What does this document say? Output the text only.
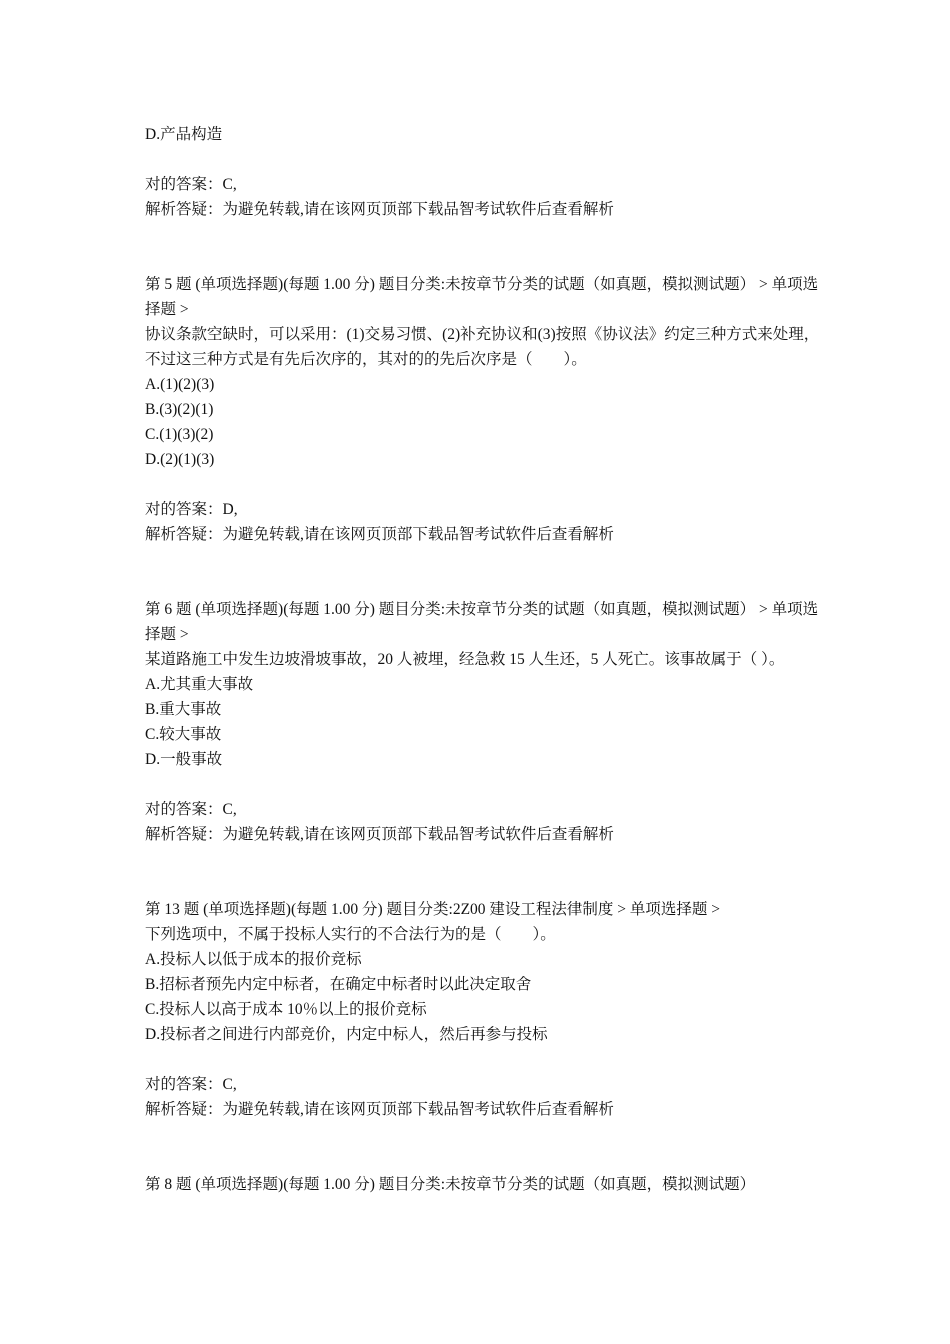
D.产品构造
对的答案：C,
解析答疑：为避免转载,请在该网页顶部下载品智考试软件后查看解析
第 5 题 (单项选择题)(每题 1.00 分) 题目分类:未按章节分类的试题（如真题，模拟测试题） > 单项选择题 >
协议条款空缺时，可以采用：(1)交易习惯、(2)补充协议和(3)按照《协议法》约定三种方式来处理，不过这三种方式是有先后次序的，其对的的先后次序是（　　）。
A.(1)(2)(3)
B.(3)(2)(1)
C.(1)(3)(2)
D.(2)(1)(3)
对的答案：D,
解析答疑：为避免转载,请在该网页顶部下载品智考试软件后查看解析
第 6 题 (单项选择题)(每题 1.00 分) 题目分类:未按章节分类的试题（如真题，模拟测试题） > 单项选择题 >
某道路施工中发生边坡滑坡事故，20 人被埋，经急救 15 人生还，5 人死亡。该事故属于（ ）。
A.尤其重大事故
B.重大事故
C.较大事故
D.一般事故
对的答案：C,
解析答疑：为避免转载,请在该网页顶部下载品智考试软件后查看解析
第 13 题 (单项选择题)(每题 1.00 分) 题目分类:2Z00 建设工程法律制度 > 单项选择题 >
下列选项中，不属于投标人实行的不合法行为的是（　　）。
A.投标人以低于成本的报价竞标
B.招标者预先内定中标者，在确定中标者时以此决定取舍
C.投标人以高于成本 10％以上的报价竞标
D.投标者之间进行内部竞价，内定中标人，然后再参与投标
对的答案：C,
解析答疑：为避免转载,请在该网页顶部下载品智考试软件后查看解析
第 8 题 (单项选择题)(每题 1.00 分) 题目分类:未按章节分类的试题（如真题，模拟测试题）
